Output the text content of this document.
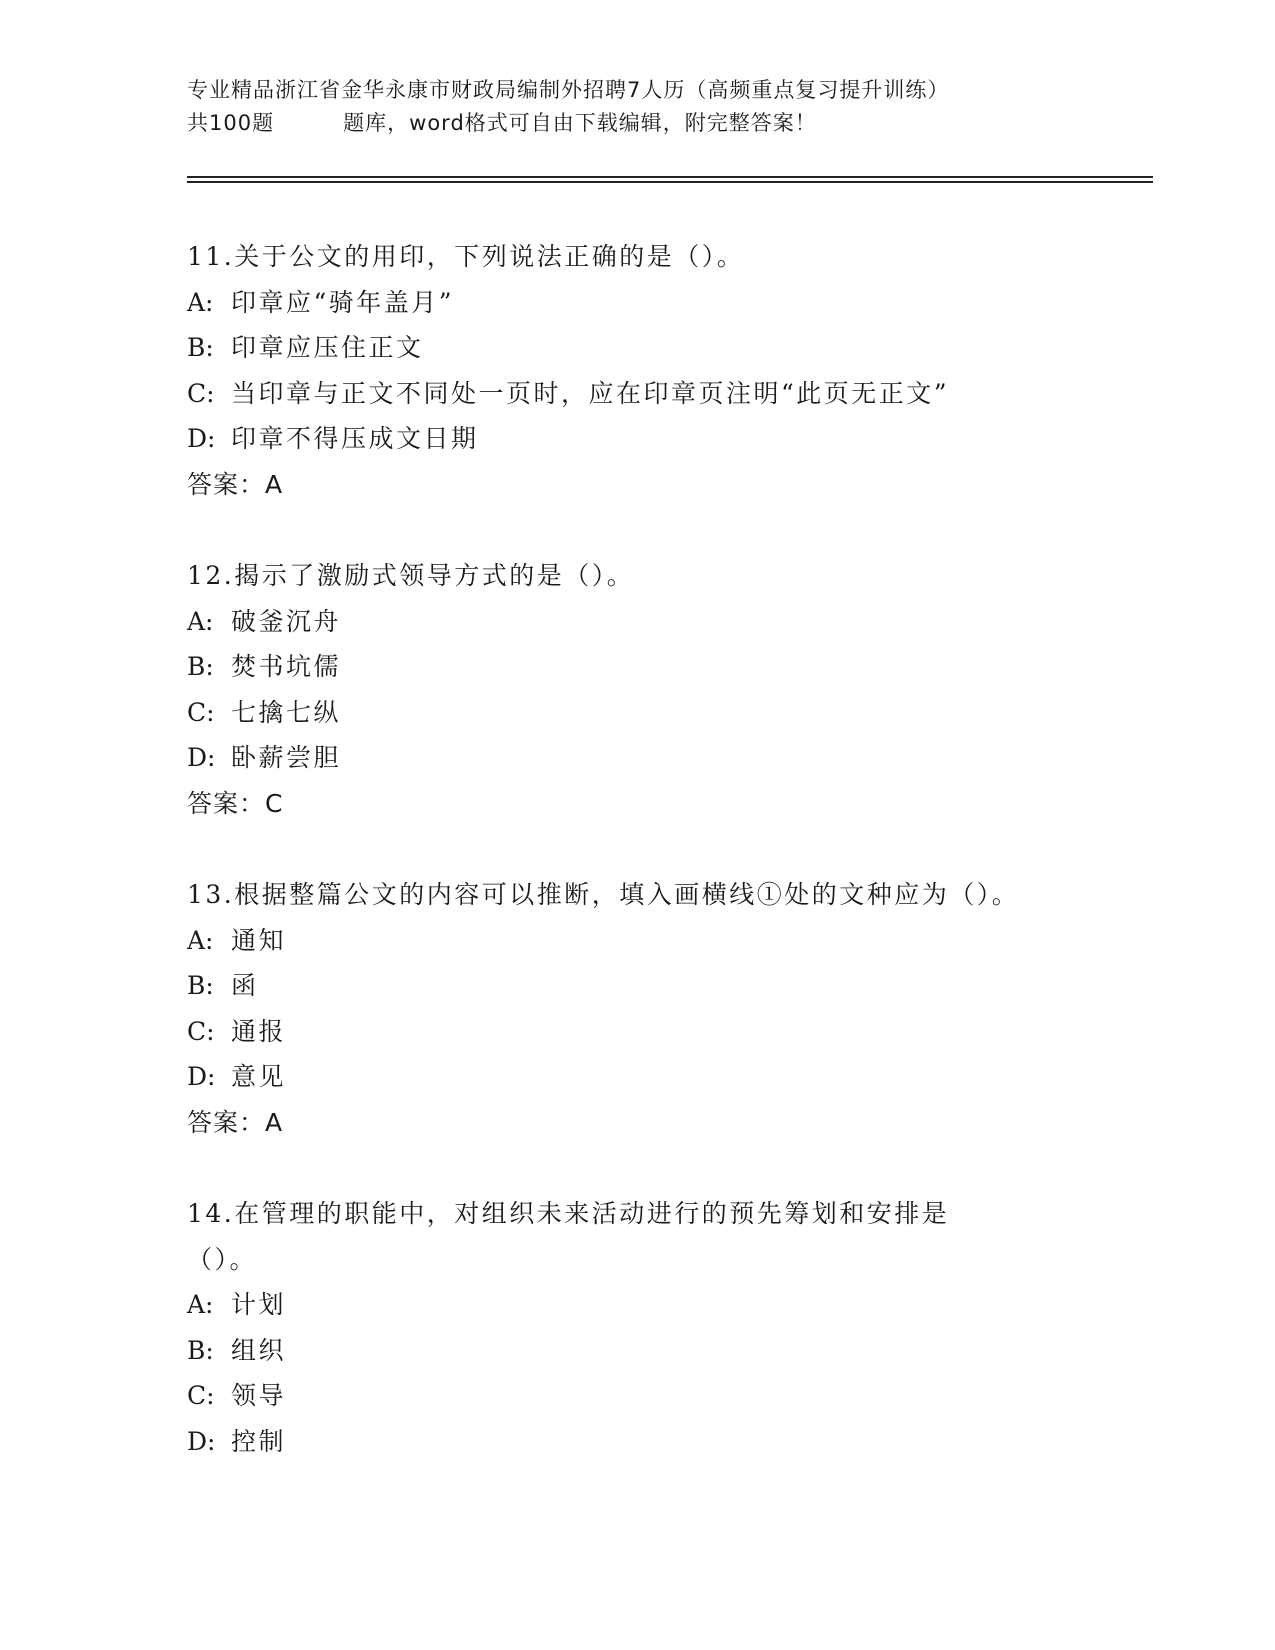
专业精品浙江省金华永康市财政局编制外招聘7人历（高频重点复习提升训练）
共100题         题库，word格式可自由下载编辑，附完整答案！
11.关于公文的用印，下列说法正确的是（）。
A: 印章应“骑年盖月”
B: 印章应压住正文
C: 当印章与正文不同处一页时，应在印章页注明“此页无正文”
D: 印章不得压成文日期
答案：A
12.揭示了激励式领导方式的是（）。
A: 破釜沉舟
B: 焚书坑儒
C: 七擒七纵
D: 卧薪尝胆
答案：C
13.根据整篇公文的内容可以推断，填入画横线①处的文种应为（）。
A: 通知
B: 函
C: 通报
D: 意见
答案：A
14.在管理的职能中，对组织未来活动进行的预先筹划和安排是（）。
A: 计划
B: 组织
C: 领导
D: 控制
